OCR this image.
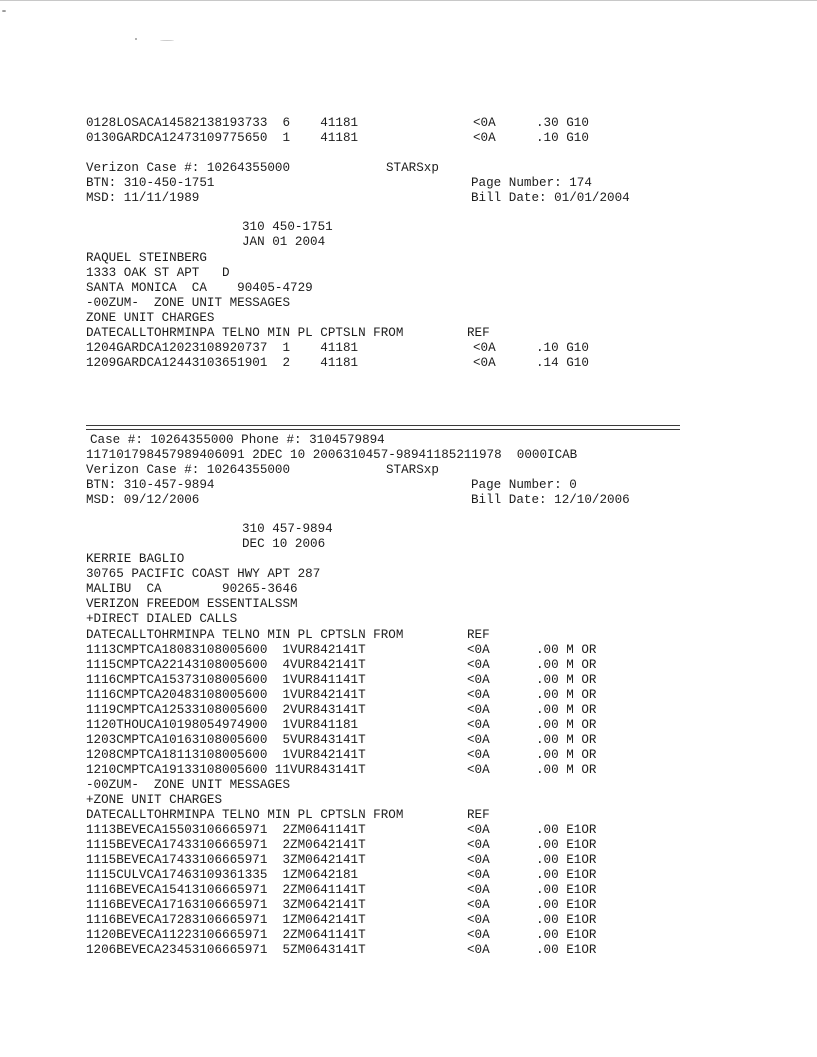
0128LOSACA14582138193733  6    41181	<0A	.30 G10
0130GARDCA12473109775650  1    41181	<0A	.10 G10
Verizon Case #: 10264355000	STARSxp
BTN: 310-450-1751	Page Number: 174
MSD: 11/11/1989	Bill Date: 01/01/2004
310 450-1751
JAN 01 2004
RAQUEL STEINBERG
1333 OAK ST APT   D
SANTA MONICA  CA    90405-4729
-00ZUM-  ZONE UNIT MESSAGES
ZONE UNIT CHARGES
DATECALLTOHRMINPA TELNO MIN PL CPTSLN FROM	REF
1204GARDCA12023108920737  1    41181	<0A	.10 G10
1209GARDCA12443103651901  2    41181	<0A	.14 G10
Case #: 10264355000 Phone #: 3104579894
117101798457989406091 2DEC 10 2006310457-98941185211978  0000ICAB
Verizon Case #: 10264355000	STARSxp
BTN: 310-457-9894	Page Number: 0
MSD: 09/12/2006	Bill Date: 12/10/2006
310 457-9894
DEC 10 2006
KERRIE BAGLIO
30765 PACIFIC COAST HWY APT 287
MALIBU  CA        90265-3646
VERIZON FREEDOM ESSENTIALSSM
+DIRECT DIALED CALLS
DATECALLTOHRMINPA TELNO MIN PL CPTSLN FROM	REF
1113CMPTCA18083108005600  1VUR842141T	<0A	.00 M OR
1115CMPTCA22143108005600  4VUR842141T	<0A	.00 M OR
1116CMPTCA15373108005600  1VUR841141T	<0A	.00 M OR
1116CMPTCA20483108005600  1VUR842141T	<0A	.00 M OR
1119CMPTCA12533108005600  2VUR843141T	<0A	.00 M OR
1120THOUCA10198054974900  1VUR841181	<0A	.00 M OR
1203CMPTCA10163108005600  5VUR843141T	<0A	.00 M OR
1208CMPTCA18113108005600  1VUR842141T	<0A	.00 M OR
1210CMPTCA19133108005600 11VUR843141T	<0A	.00 M OR
-00ZUM-  ZONE UNIT MESSAGES
+ZONE UNIT CHARGES
DATECALLTOHRMINPA TELNO MIN PL CPTSLN FROM	REF
1113BEVECA15503106665971  2ZM0641141T	<0A	.00 E1OR
1115BEVECA17433106665971  2ZM0642141T	<0A	.00 E1OR
1115BEVECA17433106665971  3ZM0642141T	<0A	.00 E1OR
1115CULVCA17463109361335  1ZM0642181	<0A	.00 E1OR
1116BEVECA15413106665971  2ZM0641141T	<0A	.00 E1OR
1116BEVECA17163106665971  3ZM0642141T	<0A	.00 E1OR
1116BEVECA17283106665971  1ZM0642141T	<0A	.00 E1OR
1120BEVECA11223106665971  2ZM0641141T	<0A	.00 E1OR
1206BEVECA23453106665971  5ZM0643141T	<0A	.00 E1OR
